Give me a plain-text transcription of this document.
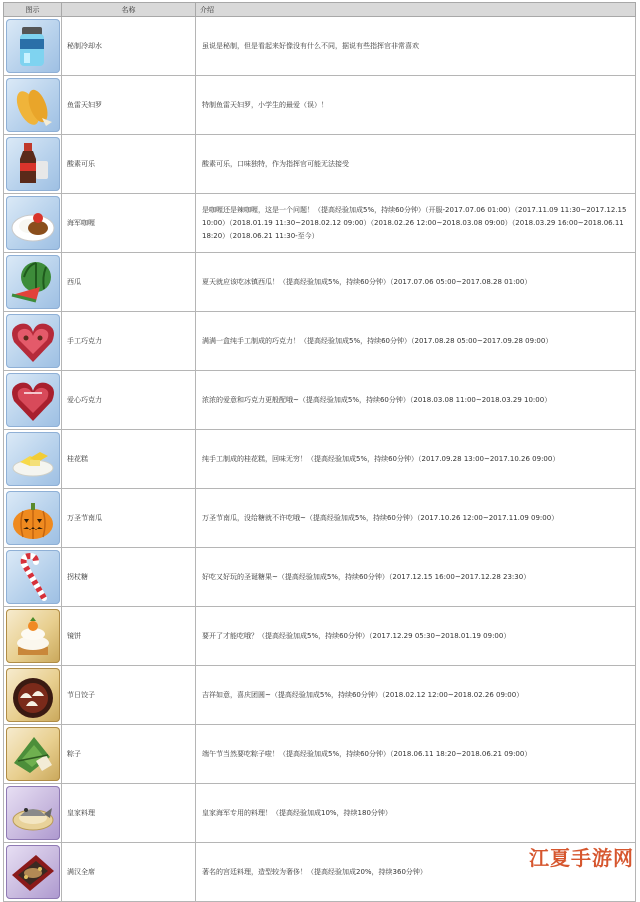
图示	名称	介绍

	秘制冷却水	虽说是秘制，但是看起来好像没有什么不同，据说有些指挥官非常喜欢

	鱼雷天妇罗	特制鱼雷天妇罗，小学生的最爱（误）！

	酸素可乐	酸素可乐，口味独特，作为指挥官可能无法接受

	海军咖喱	是咖喱还是辣咖喱，这是一个问题！（提高经验加成5%，持续60分钟）（开服-2017.07.06 01:00）（2017.11.09 11:30~2017.12.15 10:00）（2018.01.19 11:30~2018.02.12 09:00）（2018.02.26 12:00~2018.03.08 09:00）（2018.03.29 16:00~2018.06.11 18:20）（2018.06.21 11:30-至今）

	西瓜	夏天就应该吃冰镇西瓜！（提高经验加成5%，持续60分钟）（2017.07.06 05:00~2017.08.28 01:00）

	手工巧克力	满满一盒纯手工制成的巧克力！（提高经验加成5%，持续60分钟）（2017.08.28 05:00~2017.09.28 09:00）

	爱心巧克力	浓浓的爱意和巧克力更般配哦~（提高经验加成5%，持续60分钟）（2018.03.08 11:00~2018.03.29 10:00）

	桂花糕	纯手工制成的桂花糕，回味无穷！（提高经验加成5%，持续60分钟）（2017.09.28 13:00~2017.10.26 09:00）

	万圣节南瓜	万圣节南瓜，没给糖就不许吃哦~（提高经验加成5%，持续60分钟）（2017.10.26 12:00~2017.11.09 09:00）

	拐杖糖	好吃又好玩的圣诞糖果~（提高经验加成5%，持续60分钟）（2017.12.15 16:00~2017.12.28 23:30）

	镜饼	要开了才能吃哦？（提高经验加成5%，持续60分钟）（2017.12.29 05:30~2018.01.19 09:00）

	节日饺子	吉祥如意，喜庆团圆~（提高经验加成5%，持续60分钟）（2018.02.12 12:00~2018.02.26 09:00）

	粽子	端午节当然要吃粽子啦！（提高经验加成5%，持续60分钟）（2018.06.11 18:20~2018.06.21 09:00）

	皇家料理	皇家海军专用的料理！（提高经验加成10%，持续180分钟）

	满汉全席	著名的宫廷料理，造型较为奢侈！（提高经验加成20%，持续360分钟）
江夏手游网
